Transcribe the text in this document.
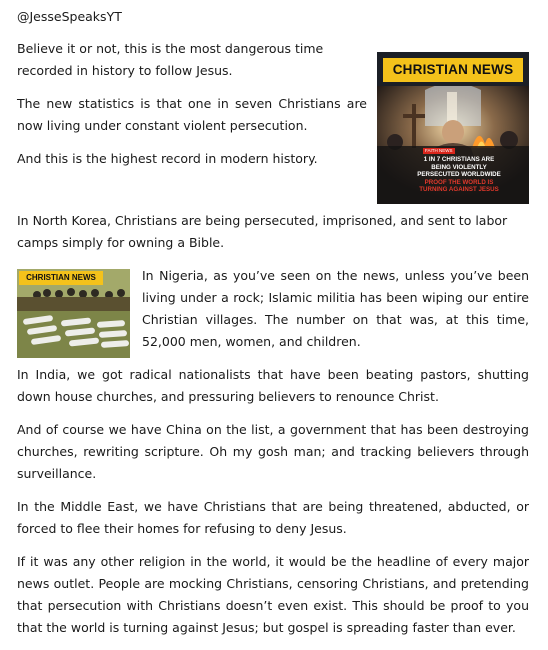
@JesseSpeaksYT
CHRISTIAN NEWS
FAITH NEWS
1 IN 7 CHRISTIANS ARE
BEING VIOLENTLY
PERSECUTED WORLDWIDE
PROOF THE WORLD IS
TURNING AGAINST JESUS

Believe it or not, this is the most dangerous time recorded in history to follow Jesus.

The new statistics is that one in seven Christians are now living under constant violent persecution.

And this is the highest record in modern history.

In North Korea, Christians are being persecuted, imprisoned, and sent to labor camps simply for owning a Bible.

CHRISTIAN NEWS	In Nigeria, as you’ve seen on the news, unless you’ve been living under a rock; Islamic militia has been wiping our entire Christian villages. The number on that was, at this time, 52,000 men, women, and children.

In India, we got radical nationalists that have been beating pastors, shutting down house churches, and pressuring believers to renounce Christ.

And of course we have China on the list, a government that has been destroying churches, rewriting scripture. Oh my gosh man; and tracking believers through surveillance.

In the Middle East, we have Christians that are being threatened, abducted, or forced to flee their homes for refusing to deny Jesus.

If it was any other religion in the world, it would be the headline of every major news outlet. People are mocking Christians, censoring Christians, and pretending that persecution with Christians doesn’t even exist. This should be proof to you that the world is turning against Jesus; but gospel is spreading faster than ever.
